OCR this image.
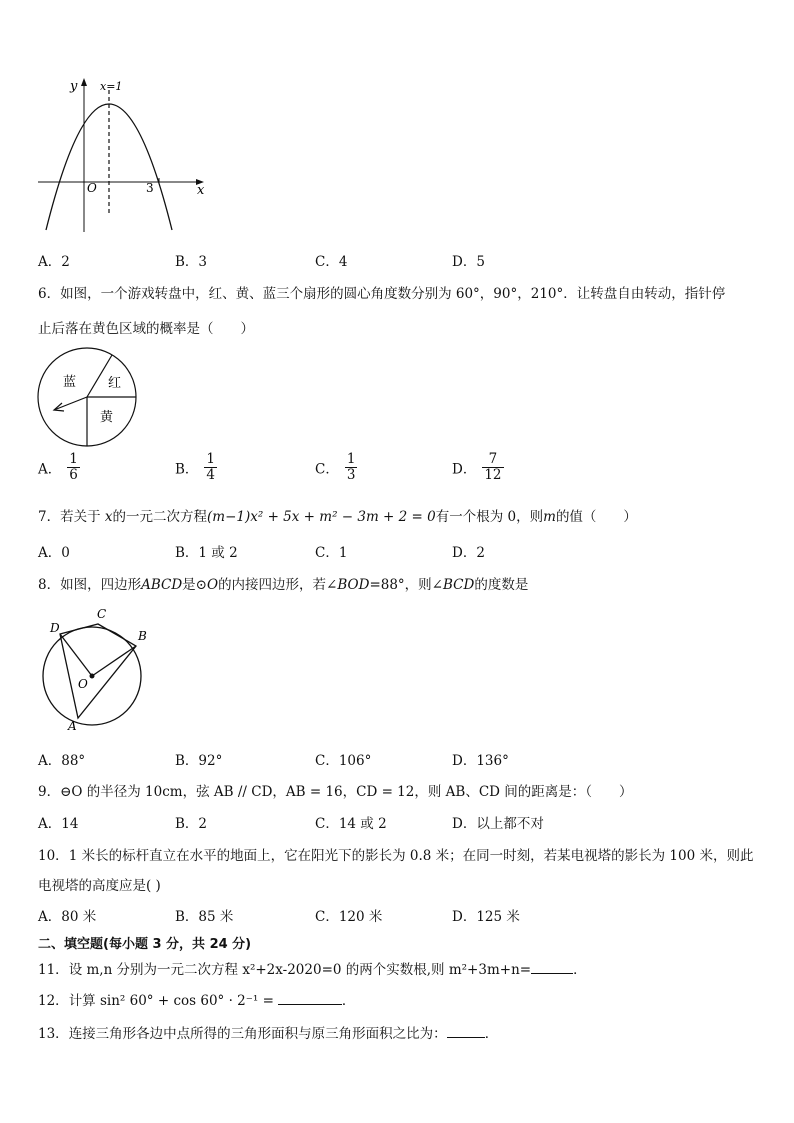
y x=1
O	3	x
A．2	B．3	C．4	D．5
6．如图，一个游戏转盘中，红、黄、蓝三个扇形的圆心角度数分别为 60°，90°，210°．让转盘自由转动，指针停
止后落在黄色区域的概率是（　　）
蓝 红
黄
A． $\frac{1}{6}$	B． $\frac{1}{4}$	C． $\frac{1}{3}$	D． $\frac{7}{12}$
7．若关于 x的一元二次方程(m−1)x² + 5x + m² − 3m + 2 = 0有一个根为 0，则m的值（　　）
A．0	B．1 或 2	C．1	D．2
8．如图，四边形ABCD是⊙O的内接四边形，若∠BOD=88°，则∠BCD的度数是
D
C
B
O
A
A．88°	B．92°	C．106°	D．136°
9．⊖O 的半径为 10cm，弦 AB // CD，AB = 16，CD = 12，则 AB、CD 间的距离是：（　　）
A．14	B．2	C．14 或 2	D．以上都不对
10．1 米长的标杆直立在水平的地面上，它在阳光下的影长为 0.8 米；在同一时刻，若某电视塔的影长为 100 米，则此
电视塔的高度应是( )
A．80 米	B．85 米	C．120 米	D．125 米
二、填空题(每小题 3 分，共 24 分)
11．设 m,n 分别为一元二次方程 x²+2x-2020=0 的两个实数根,则 m²+3m+n=	．
12．计算 sin² 60° + cos 60° · 2⁻¹ =	．
13．连接三角形各边中点所得的三角形面积与原三角形面积之比为：	．
